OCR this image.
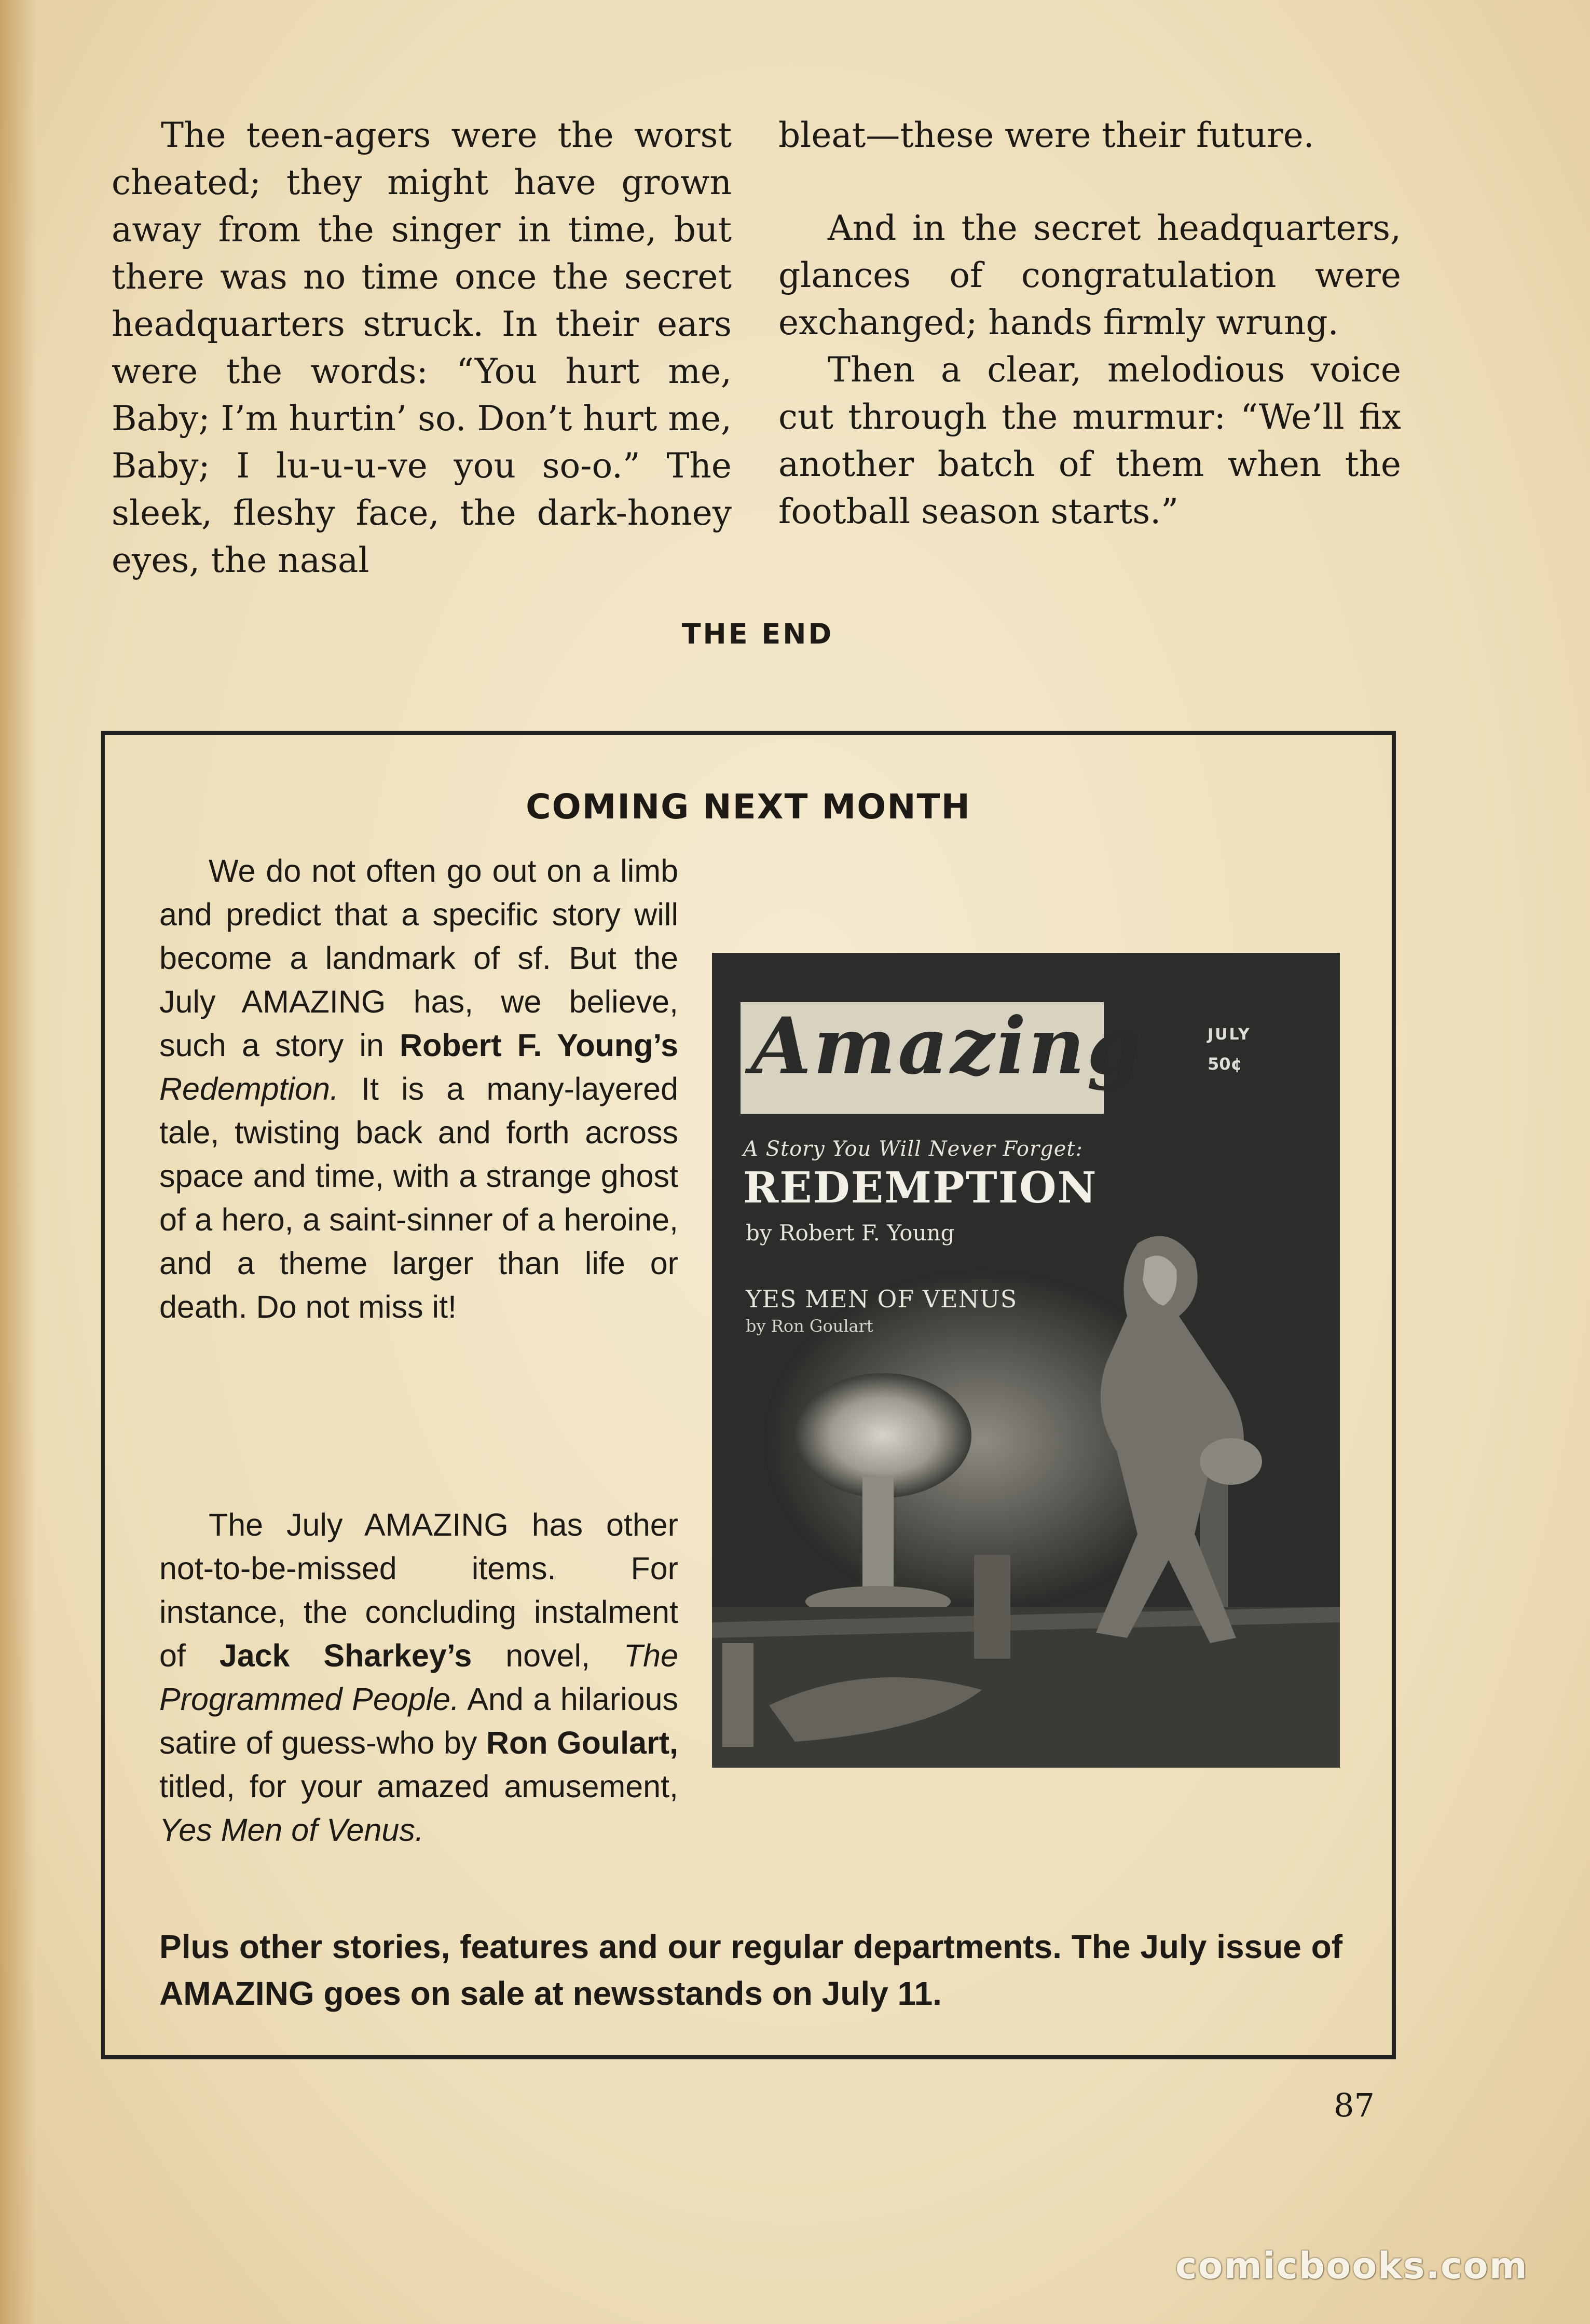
The teen-agers were the worst cheated; they might have grown away from the singer in time, but there was no time once the secret headquarters struck. In their ears were the words: “You hurt me, Baby; I’m hurtin’ so. Don’t hurt me, Baby; I lu-u-u-ve you so-o.” The sleek, fleshy face, the dark-honey eyes, the nasal

bleat—these were their future.

And in the secret headquarters, glances of congratulation were exchanged; hands firmly wrung.

Then a clear, melodious voice cut through the murmur: “We’ll fix another batch of them when the football season starts.”

THE END
COMING NEXT MONTH

We do not often go out on a limb and predict that a specific story will become a landmark of sf. But the July AMAZING has, we believe, such a story in Robert F. Young’s Redemption. It is a many-layered tale, twisting back and forth across space and time, with a strange ghost of a hero, a saint-sinner of a heroine, and a theme larger than life or death. Do not miss it!

The July AMAZING has other not-to-be-missed items. For instance, the concluding instalment of Jack Sharkey’s novel, The Programmed People. And a hilarious satire of guess-who by Ron Goulart, titled, for your amazed amusement, Yes Men of Venus.

Amazing	JULY
50¢
A Story You Will Never Forget:
REDEMPTION
by Robert F. Young
YES MEN OF VENUS
by Ron Goulart
Plus other stories, features and our regular departments. The July issue of AMAZING goes on sale at newsstands on July 11.
87
comicbooks.com
